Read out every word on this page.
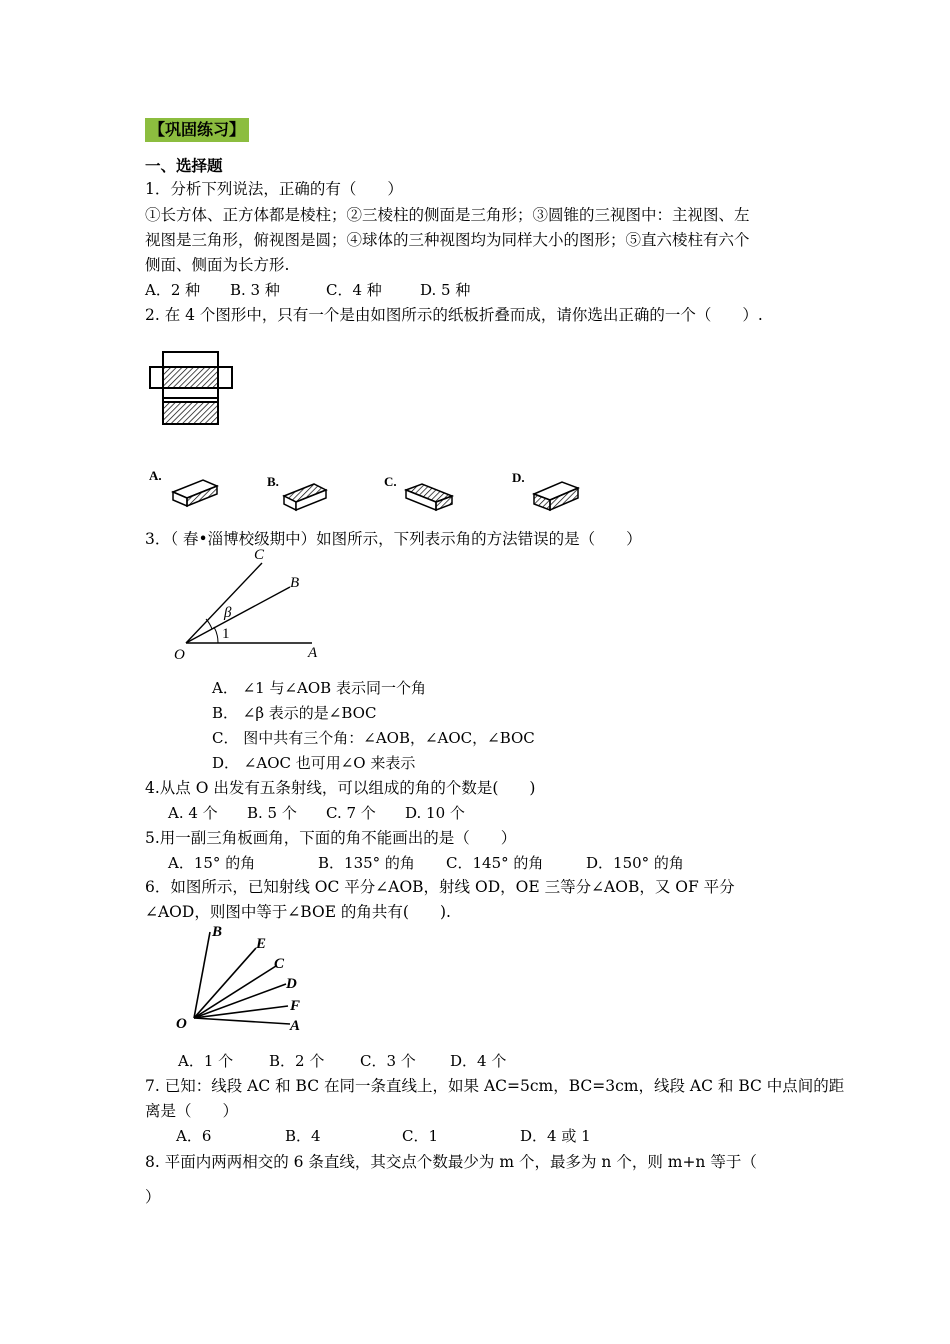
【巩固练习】
一、选择题
1．分析下列说法，正确的有（　　）
①长方体、正方体都是棱柱；②三棱柱的侧面是三角形；③圆锥的三视图中：主视图、左
视图是三角形，俯视图是圆；④球体的三种视图均为同样大小的图形；⑤直六棱柱有六个
侧面、侧面为长方形.
A．2 种 B. 3 种	C．4 种	D. 5 种
2. 在 4 个图形中，只有一个是由如图所示的纸板折叠而成，请你选出正确的一个（　　）.
A.	B.	C.	D.
3．（ 春•淄博校级期中）如图所示，下列表示角的方法错误的是（　　）
C
B
β
1
O	A
A． ∠1 与∠AOB 表示同一个角
B． ∠β 表示的是∠BOC
C． 图中共有三个角：∠AOB，∠AOC，∠BOC
D． ∠AOC 也可用∠O 来表示
4.从点 O 出发有五条射线，可以组成的角的个数是(　　)
A. 4 个 B. 5 个 C. 7 个 D. 10 个
5.用一副三角板画角，下面的角不能画出的是（　　）
A．15° 的角	B．135° 的角 C．145° 的角	D．150° 的角
6．如图所示，已知射线 OC 平分∠AOB，射线 OD，OE 三等分∠AOB，又 OF 平分
∠AOD，则图中等于∠BOE 的角共有(　　).
B
E
C
D
F
O	A
A．1 个 B．2 个 C．3 个 D．4 个
7. 已知：线段 AC 和 BC 在同一条直线上，如果 AC=5cm，BC=3cm，线段 AC 和 BC 中点间的距
离是（　　）
A．6	B．4	C．1	D．4 或 1
8. 平面内两两相交的 6 条直线，其交点个数最少为 m 个，最多为 n 个，则 m+n 等于（
）
